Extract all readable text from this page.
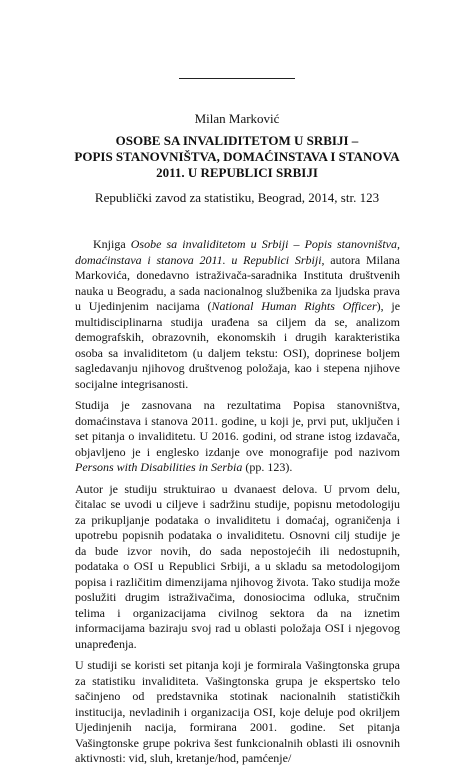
Milan Marković
OSOBE SA INVALIDITETOM U SRBIJI –
POPIS STANOVNIŠTVA, DOMAĆINSTAVA I STANOVA
2011. U REPUBLICI SRBIJI
Republički zavod za statistiku, Beograd, 2014, str. 123

Knjiga Osobe sa invaliditetom u Srbiji – Popis stanovništva, domaćinstava i stanova 2011. u Republici Srbiji, autora Milana Markovića, donedavno istraživača-saradnika Instituta društvenih nauka u Beogradu, a sada nacionalnog službenika za ljudska prava u Ujedinjenim nacijama (National Human Rights Officer), je multidisciplinarna studija urađena sa ciljem da se, analizom demografskih, obrazovnih, ekonomskih i drugih karakteristika osoba sa invaliditetom (u daljem tekstu: OSI), doprinese boljem sagledavanju njihovog društvenog položaja, kao i stepena njihove socijalne integrisanosti.

Studija je zasnovana na rezultatima Popisa stanovništva, domaćinstava i stanova 2011. godine, u koji je, prvi put, uključen i set pitanja o invaliditetu. U 2016. godini, od strane istog izdavača, objavljeno je i englesko izdanje ove monografije pod nazivom Persons with Disabilities in Serbia (pp. 123).

Autor je studiju struktuirao u dvanaest delova. U prvom delu, čitalac se uvodi u ciljeve i sadržinu studije, popisnu metodologiju za prikupljanje podataka o invaliditetu i domaćaj, ograničenja i upotrebu popisnih podataka o invaliditetu. Osnovni cilj studije je da bude izvor novih, do sada nepostojećih ili nedostupnih, podataka o OSI u Republici Srbiji, a u skladu sa metodologijom popisa i različitim dimenzijama njihovog života. Tako studija može poslužiti drugim istraživačima, donosiocima odluka, stručnim telima i organizacijama civilnog sektora da na iznetim informacijama baziraju svoj rad u oblasti položaja OSI i njegovog unapređenja.

U studiji se koristi set pitanja koji je formirala Vašingtonska grupa za statistiku invaliditeta. Vašingtonska grupa je ekspertsko telo sačinjeno od predstavnika stotinak nacionalnih statističkih institucija, nevladinih i organizacija OSI, koje deluje pod okriljem Ujedinjenih nacija, formirana 2001. godine. Set pitanja Vašingtonske grupe pokriva šest funkcionalnih oblasti ili osnovnih aktivnosti: vid, sluh, kretanje/hod, pamćenje/
